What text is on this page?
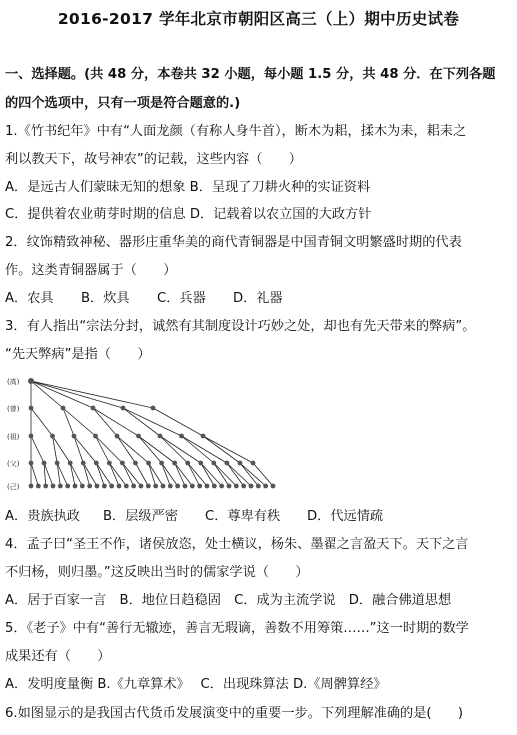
2016-2017 学年北京市朝阳区高三（上）期中历史试卷
一、选择题。(共 48 分，本卷共 32 小题，每小题 1.5 分，共 48 分．在下列各题
的四个选项中，只有一项是符合题意的.)
1.《竹书纪年》中有“人面龙颜（有称人身牛首），断木为耜，揉木为耒，耜耒之
利以教天下，故号神农”的记载，这些内容（　　）
A．是远古人们蒙昧无知的想象 B．呈现了刀耕火种的实证资料
C．提供着农业萌芽时期的信息 D．记载着以农立国的大政方针
2．纹饰精致神秘、器形庄重华美的商代青铜器是中国青铜文明繁盛时期的代表
作。这类青铜器属于（　　）
A．农具 B．炊具 C．兵器 D．礼器
3．有人指出“宗法分封，诚然有其制度设计巧妙之处，却也有先天带来的弊病”。
“先天弊病”是指（　　）
(高)
(曾)
(祖)
(父)
(己)
A．贵族执政 B．层级严密 C．尊卑有秩 D．代远情疏
4．孟子曰“圣王不作，诸侯放恣，处士横议，杨朱、墨翟之言盈天下。天下之言
不归杨，则归墨。”这反映出当时的儒家学说（　　）
A．居于百家一言　B．地位日趋稳固　C．成为主流学说　D．融合佛道思想
5．《老子》中有“善行无辙迹，善言无瑕谪，善数不用筹策……”这一时期的数学
成果还有（　　）
A．发明度量衡 B.《九章算术》　 C．出现珠算法 D.《周髀算经》
6.如图显示的是我国古代货币发展演变中的重要一步。下列理解准确的是(　　)
